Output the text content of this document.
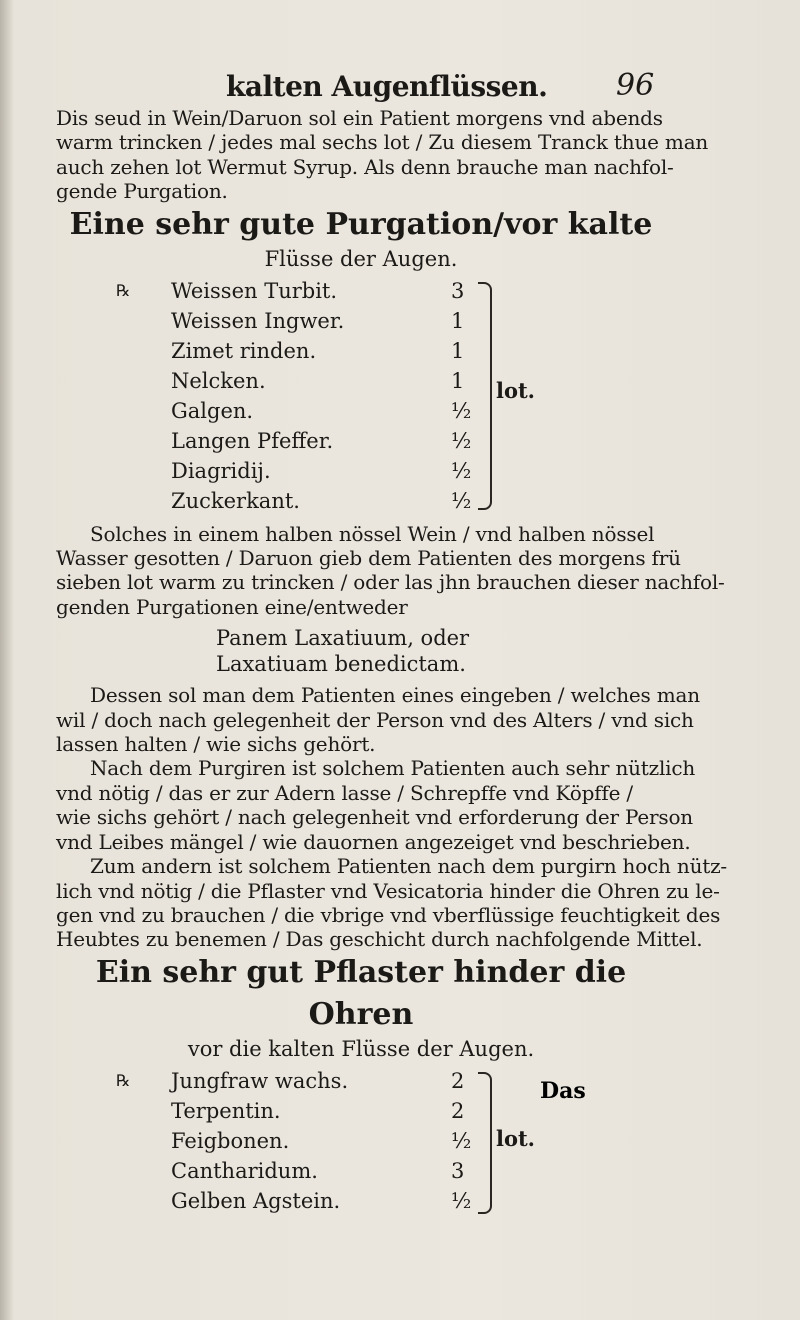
kalten Augenflüssen. 96
Dis seud in Wein/Daruon sol ein Patient morgens vnd abends
warm trincken / jedes mal sechs lot / Zu diesem Tranck thue man
auch zehen lot Wermut Syrup. Als denn brauche man nachfol-
gende Purgation.
Eine sehr gute Purgation/vor kalte
Flüsse der Augen.
℞ Weissen Turbit.	3
Weissen Ingwer.	1
Zimet rinden.	1
Nelcken.	1
Galgen.	½
Langen Pfeffer.	½
Diagridij.	½
Zuckerkant.	½
lot.
Solches in einem halben nössel Wein / vnd halben nössel
Wasser gesotten / Daruon gieb dem Patienten des morgens frü
sieben lot warm zu trincken / oder las jhn brauchen dieser nachfol-
genden Purgationen eine/entweder
Panem Laxatiuum, oder
Laxatiuam benedictam.
Dessen sol man dem Patienten eines eingeben / welches man
wil / doch nach gelegenheit der Person vnd des Alters / vnd sich
lassen halten / wie sichs gehört.
Nach dem Purgiren ist solchem Patienten auch sehr nützlich
vnd nötig / das er zur Adern lasse / Schrepffe vnd Köpffe /
wie sichs gehört / nach gelegenheit vnd erforderung der Person
vnd Leibes mängel / wie dauornen angezeiget vnd beschrieben.
Zum andern ist solchem Patienten nach dem purgirn hoch nütz-
lich vnd nötig / die Pflaster vnd Vesicatoria hinder die Ohren zu le-
gen vnd zu brauchen / die vbrige vnd vberflüssige feuchtigkeit des
Heubtes zu benemen / Das geschicht durch nachfolgende Mittel.
Ein sehr gut Pflaster hinder die Ohren
vor die kalten Flüsse der Augen.
℞ Jungfraw wachs.	2
Terpentin.	2
Feigbonen.	½
Cantharidum.	3
Gelben Agstein.	½
lot.
Das
